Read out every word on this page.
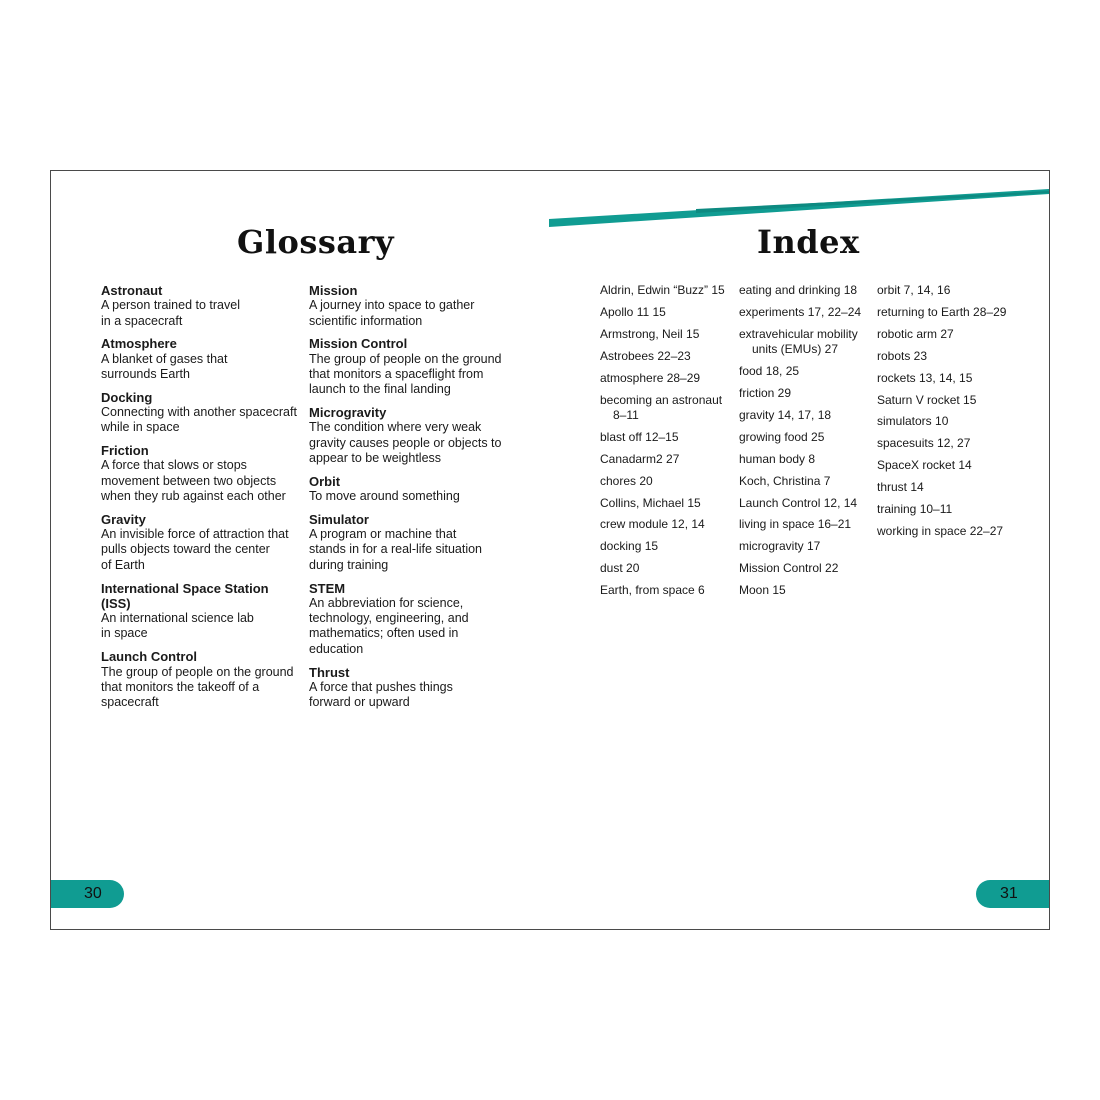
Glossary	Index
Astronaut
A person trained to travel
in a spacecraft
Atmosphere
A blanket of gases that
surrounds Earth
Docking
Connecting with another spacecraft
while in space
Friction
A force that slows or stops
movement between two objects
when they rub against each other
Gravity
An invisible force of attraction that
pulls objects toward the center
of Earth
International Space Station (ISS)
An international science lab
in space
Launch Control
The group of people on the ground
that monitors the takeoff of a
spacecraft
Mission
A journey into space to gather
scientific information
Mission Control
The group of people on the ground
that monitors a spaceflight from
launch to the final landing
Microgravity
The condition where very weak
gravity causes people or objects to
appear to be weightless
Orbit
To move around something
Simulator
A program or machine that
stands in for a real-life situation
during training
STEM
An abbreviation for science,
technology, engineering, and
mathematics; often used in
education
Thrust
A force that pushes things
forward or upward
Aldrin, Edwin “Buzz” 15
Apollo 11 15
Armstrong, Neil 15
Astrobees 22–23
atmosphere 28–29
becoming an astronaut 8–11
blast off 12–15
Canadarm2 27
chores 20
Collins, Michael 15
crew module 12, 14
docking 15
dust 20
Earth, from space 6
eating and drinking 18
experiments 17, 22–24
extravehicular mobility units (EMUs) 27
food 18, 25
friction 29
gravity 14, 17, 18
growing food 25
human body 8
Koch, Christina 7
Launch Control 12, 14
living in space 16–21
microgravity 17
Mission Control 22
Moon 15
orbit 7, 14, 16
returning to Earth 28–29
robotic arm 27
robots 23
rockets 13, 14, 15
Saturn V rocket 15
simulators 10
spacesuits 12, 27
SpaceX rocket 14
thrust 14
training 10–11
working in space 22–27
30	31
